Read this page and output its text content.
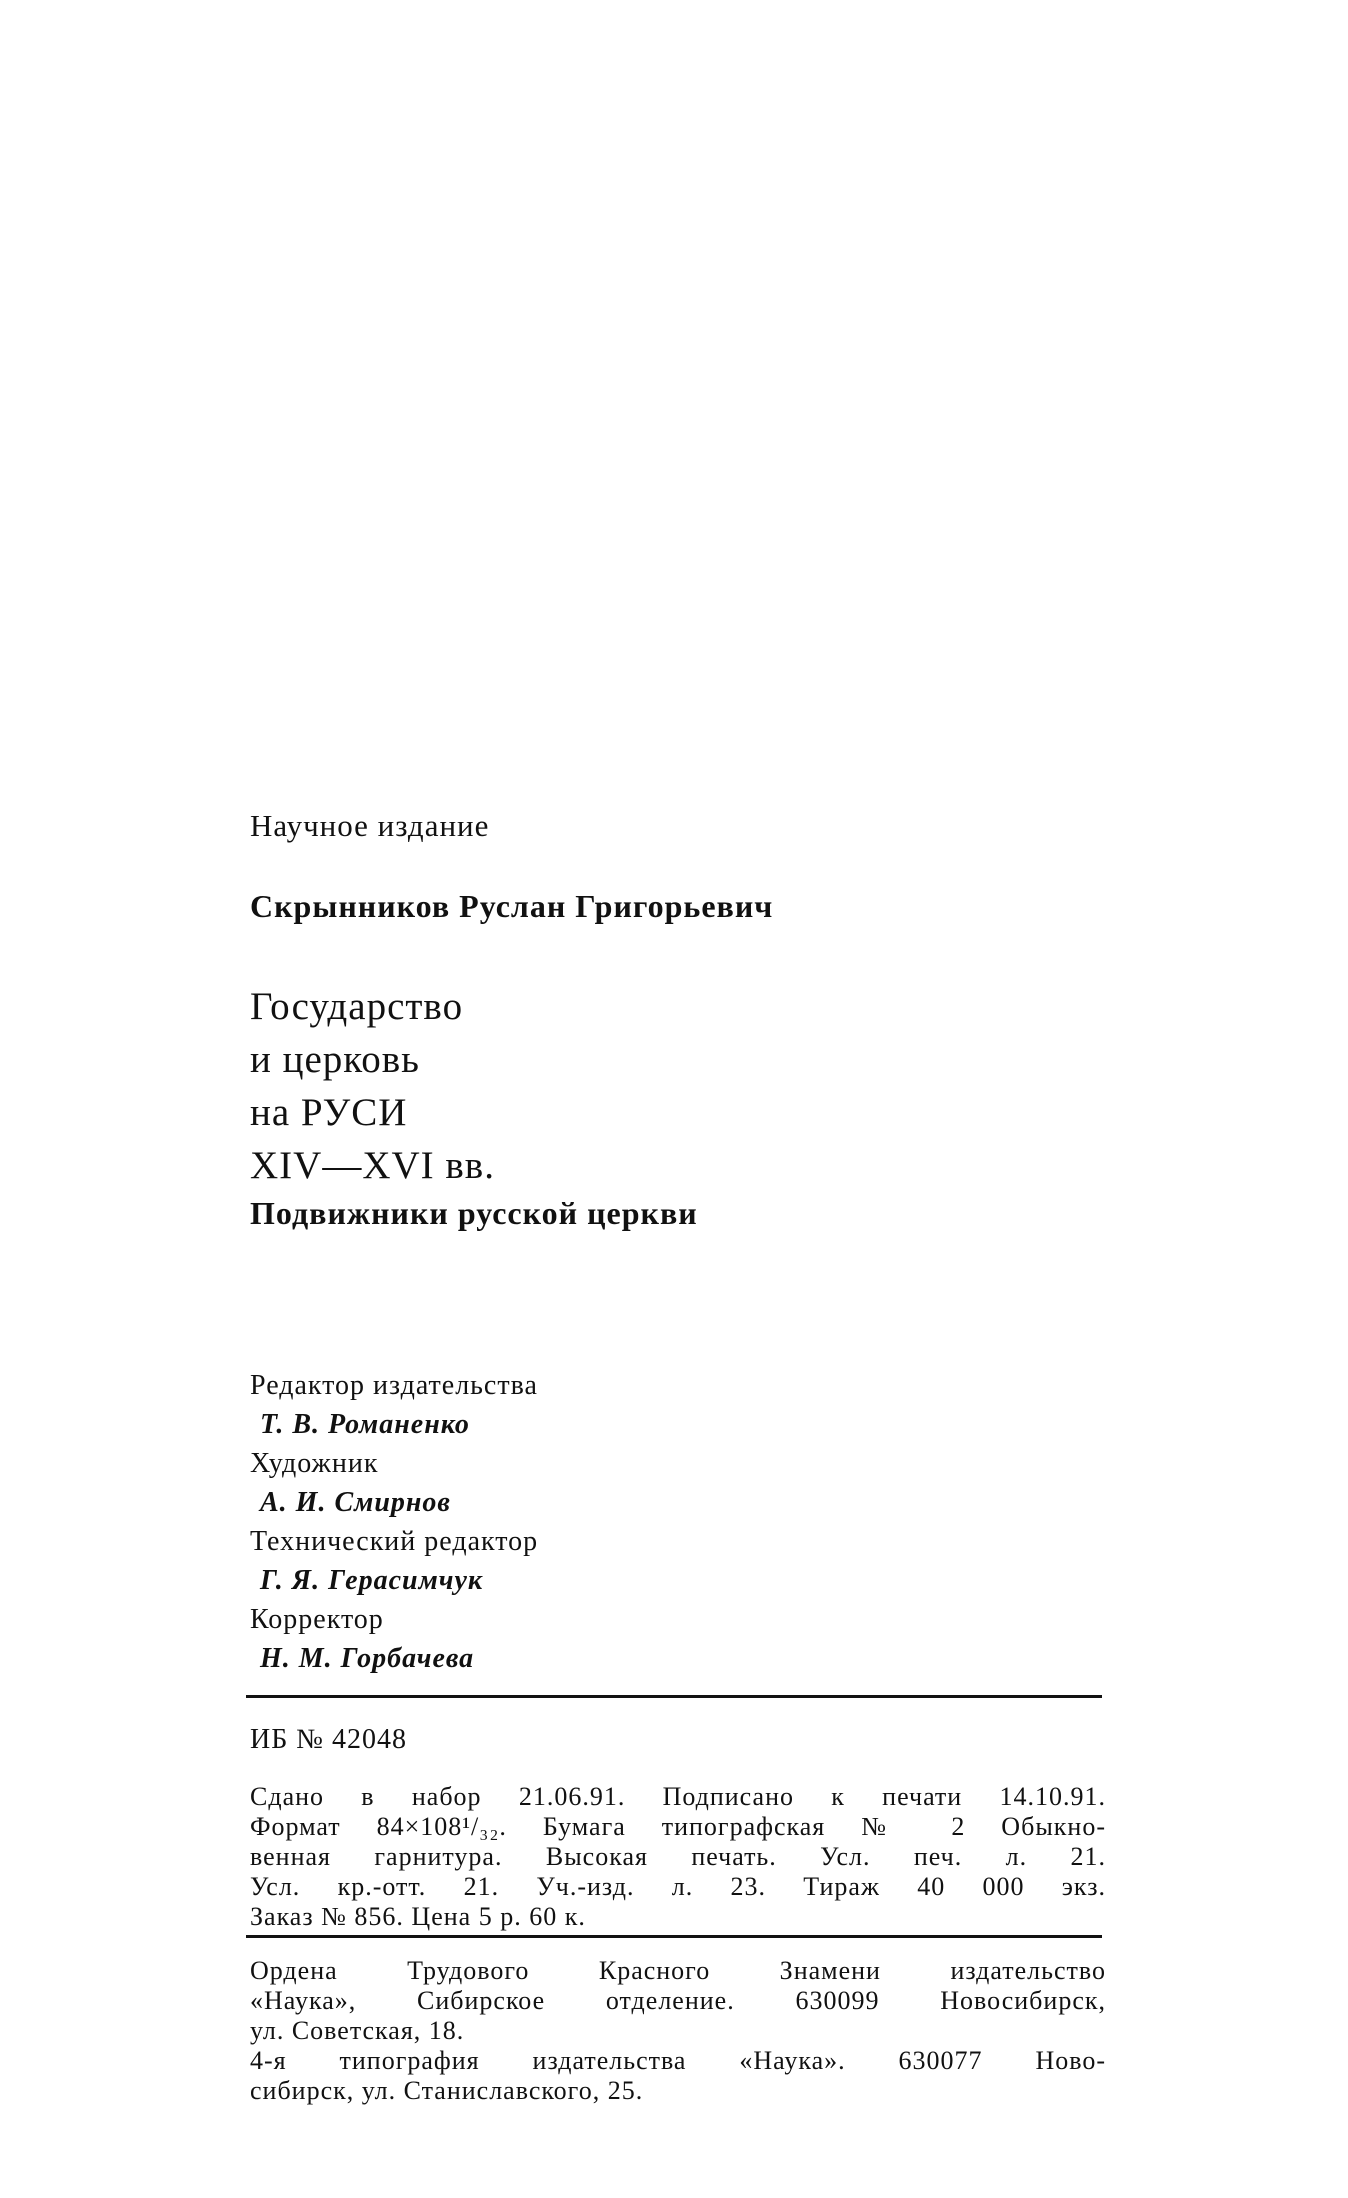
Научное издание
Скрынников Руслан Григорьевич
Государство
и церковь
на РУСИ
XIV—XVI вв.
Подвижники русской церкви
Редактор издательства
Т. В. Романенко
Художник
А. И. Смирнов
Технический редактор
Г. Я. Герасимчук
Корректор
Н. М. Горбачева
ИБ № 42048
Сдано в набор 21.06.91. Подписано к печати 14.10.91.
Формат 84×108¹/₃₂. Бумага типографская № 2 Обыкно-
венная гарнитура. Высокая печать. Усл. печ. л. 21.
Усл. кр.-отт. 21. Уч.-изд. л. 23. Тираж 40 000 экз.
Заказ № 856. Цена 5 р. 60 к.
Ордена Трудового Красного Знамени издательство
«Наука», Сибирское отделение. 630099 Новосибирск,
ул. Советская, 18.
4-я типография издательства «Наука». 630077 Ново-
сибирск, ул. Станиславского, 25.
